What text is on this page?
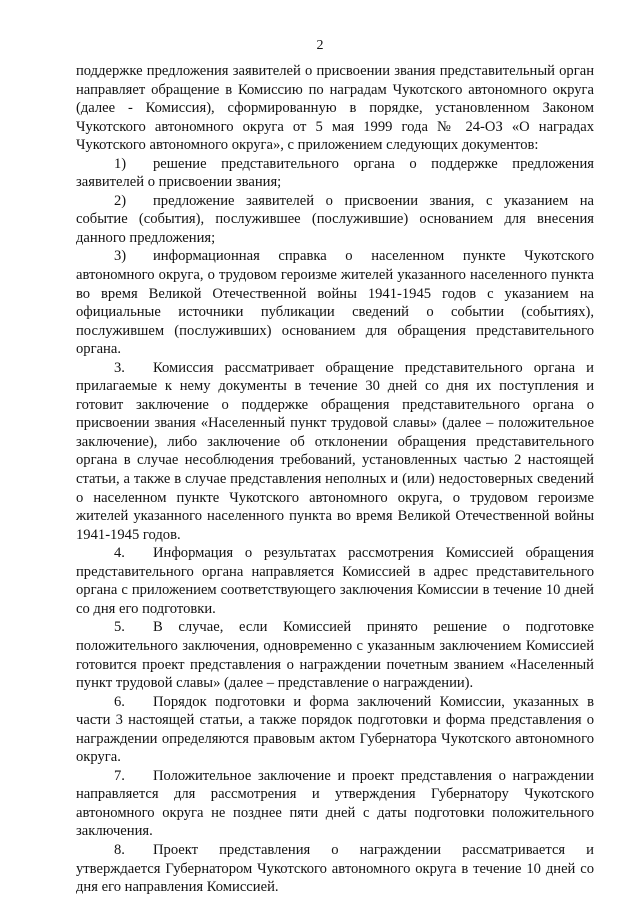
2

поддержке предложения заявителей о присвоении звания представительный орган направляет обращение в Комиссию по наградам Чукотского автономного округа (далее - Комиссия), сформированную в порядке, установленном Законом Чукотского автономного округа от 5 мая 1999 года № 24-ОЗ «О наградах Чукотского автономного округа», с приложением следующих документов:

1) решение представительного органа о поддержке предложения заявителей о присвоении звания;

2) предложение заявителей о присвоении звания, с указанием на событие (события), послужившее (послужившие) основанием для внесения данного предложения;

3) информационная справка о населенном пункте Чукотского автономного округа, о трудовом героизме жителей указанного населенного пункта во время Великой Отечественной войны 1941-1945 годов с указанием на официальные источники публикации сведений о событии (событиях), послужившем (послуживших) основанием для обращения представительного органа.

3. Комиссия рассматривает обращение представительного органа и прилагаемые к нему документы в течение 30 дней со дня их поступления и готовит заключение о поддержке обращения представительного органа о присвоении звания «Населенный пункт трудовой славы» (далее – положительное заключение), либо заключение об отклонении обращения представительного органа в случае несоблюдения требований, установленных частью 2 настоящей статьи, а также в случае представления неполных и (или) недостоверных сведений о населенном пункте Чукотского автономного округа, о трудовом героизме жителей указанного населенного пункта во время Великой Отечественной войны 1941-1945 годов.

4. Информация о результатах рассмотрения Комиссией обращения представительного органа направляется Комиссией в адрес представительного органа с приложением соответствующего заключения Комиссии в течение 10 дней со дня его подготовки.

5. В случае, если Комиссией принято решение о подготовке положительного заключения, одновременно с указанным заключением Комиссией готовится проект представления о награждении почетным званием «Населенный пункт трудовой славы» (далее – представление о награждении).

6. Порядок подготовки и форма заключений Комиссии, указанных в части 3 настоящей статьи, а также порядок подготовки и форма представления о награждении определяются правовым актом Губернатора Чукотского автономного округа.

7. Положительное заключение и проект представления о награждении направляется для рассмотрения и утверждения Губернатору Чукотского автономного округа не позднее пяти дней с даты подготовки положительного заключения.

8. Проект представления о награждении рассматривается и утверждается Губернатором Чукотского автономного округа в течение 10 дней со дня его направления Комиссией.
